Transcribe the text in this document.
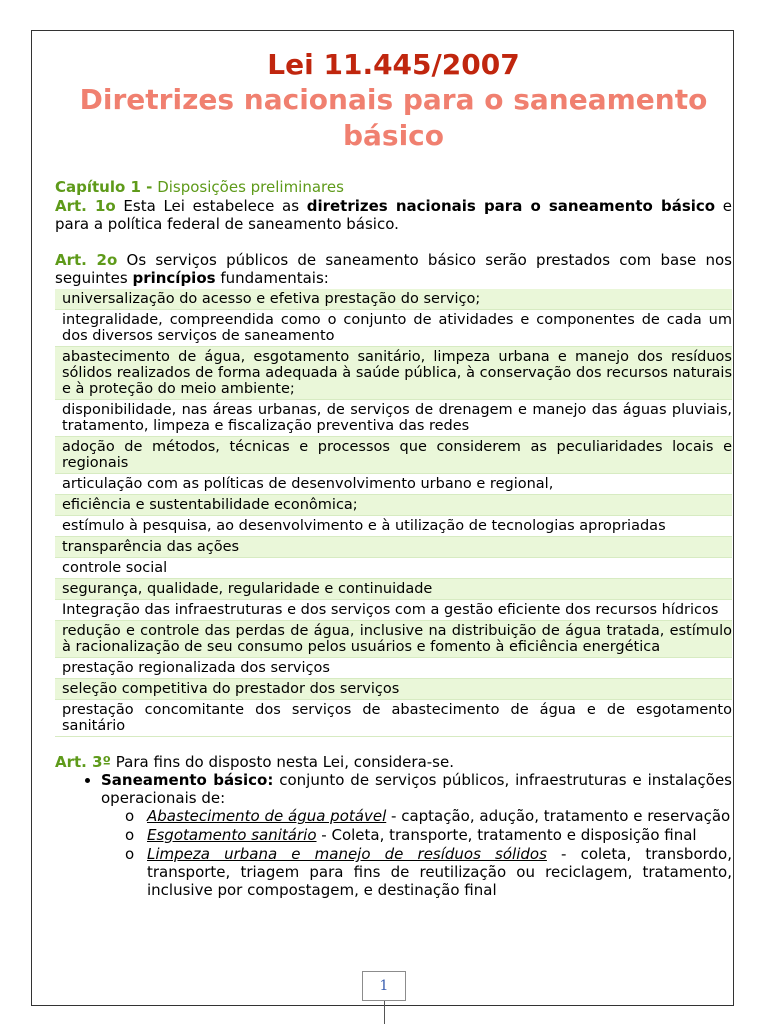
Lei 11.445/2007
Diretrizes nacionais para o saneamento básico
Capítulo 1 - Disposições preliminares

Art. 1o Esta Lei estabelece as diretrizes nacionais para o saneamento básico e para a política federal de saneamento básico.

Art. 2o Os serviços públicos de saneamento básico serão prestados com base nos seguintes princípios fundamentais:

universalização do acesso e efetiva prestação do serviço;
integralidade, compreendida como o conjunto de atividades e componentes de cada um dos diversos serviços de saneamento
abastecimento de água, esgotamento sanitário, limpeza urbana e manejo dos resíduos sólidos realizados de forma adequada à saúde pública, à conservação dos recursos naturais e à proteção do meio ambiente;
disponibilidade, nas áreas urbanas, de serviços de drenagem e manejo das águas pluviais, tratamento, limpeza e fiscalização preventiva das redes
adoção de métodos, técnicas e processos que considerem as peculiaridades locais e regionais
articulação com as políticas de desenvolvimento urbano e regional,
eficiência e sustentabilidade econômica;
estímulo à pesquisa, ao desenvolvimento e à utilização de tecnologias apropriadas
transparência das ações
controle social
segurança, qualidade, regularidade e continuidade
Integração das infraestruturas e dos serviços com a gestão eficiente dos recursos hídricos
redução e controle das perdas de água, inclusive na distribuição de água tratada, estímulo à racionalização de seu consumo pelos usuários e fomento à eficiência energética
prestação regionalizada dos serviços
seleção competitiva do prestador dos serviços
prestação concomitante dos serviços de abastecimento de água e de esgotamento sanitário

Art. 3º Para fins do disposto nesta Lei, considera-se.

• Saneamento básico: conjunto de serviços públicos, infraestruturas e instalações operacionais de:
o Abastecimento de água potável - captação, adução, tratamento e reservação
o Esgotamento sanitário - Coleta, transporte, tratamento e disposição final
o Limpeza urbana e manejo de resíduos sólidos - coleta, transbordo, transporte, triagem para fins de reutilização ou reciclagem, tratamento, inclusive por compostagem, e destinação final
1
